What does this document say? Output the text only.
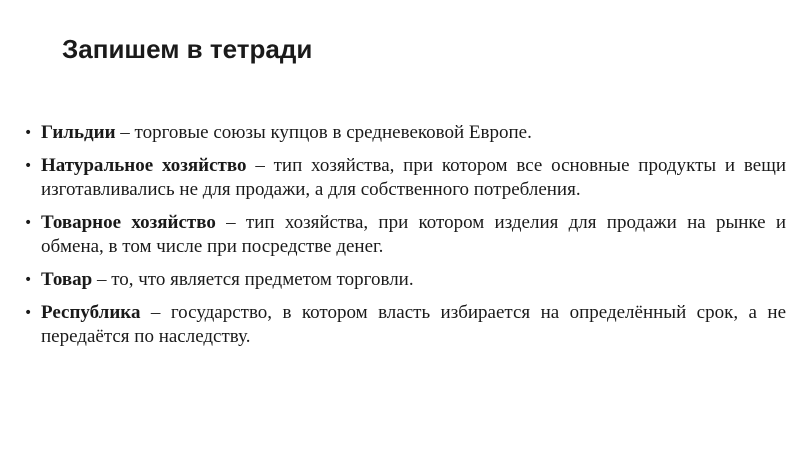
Запишем в тетради
• Гильдии – торговые союзы купцов в средневековой Европе.
• Натуральное хозяйство – тип хозяйства, при котором все основные продукты и вещи изготавливались не для продажи, а для собственного потребления.
• Товарное хозяйство – тип хозяйства, при котором изделия для продажи на рынке и обмена, в том числе при посредстве денег.
• Товар – то, что является предметом торговли.
• Республика – государство, в котором власть избирается на определённый срок, а не передаётся по наследству.
